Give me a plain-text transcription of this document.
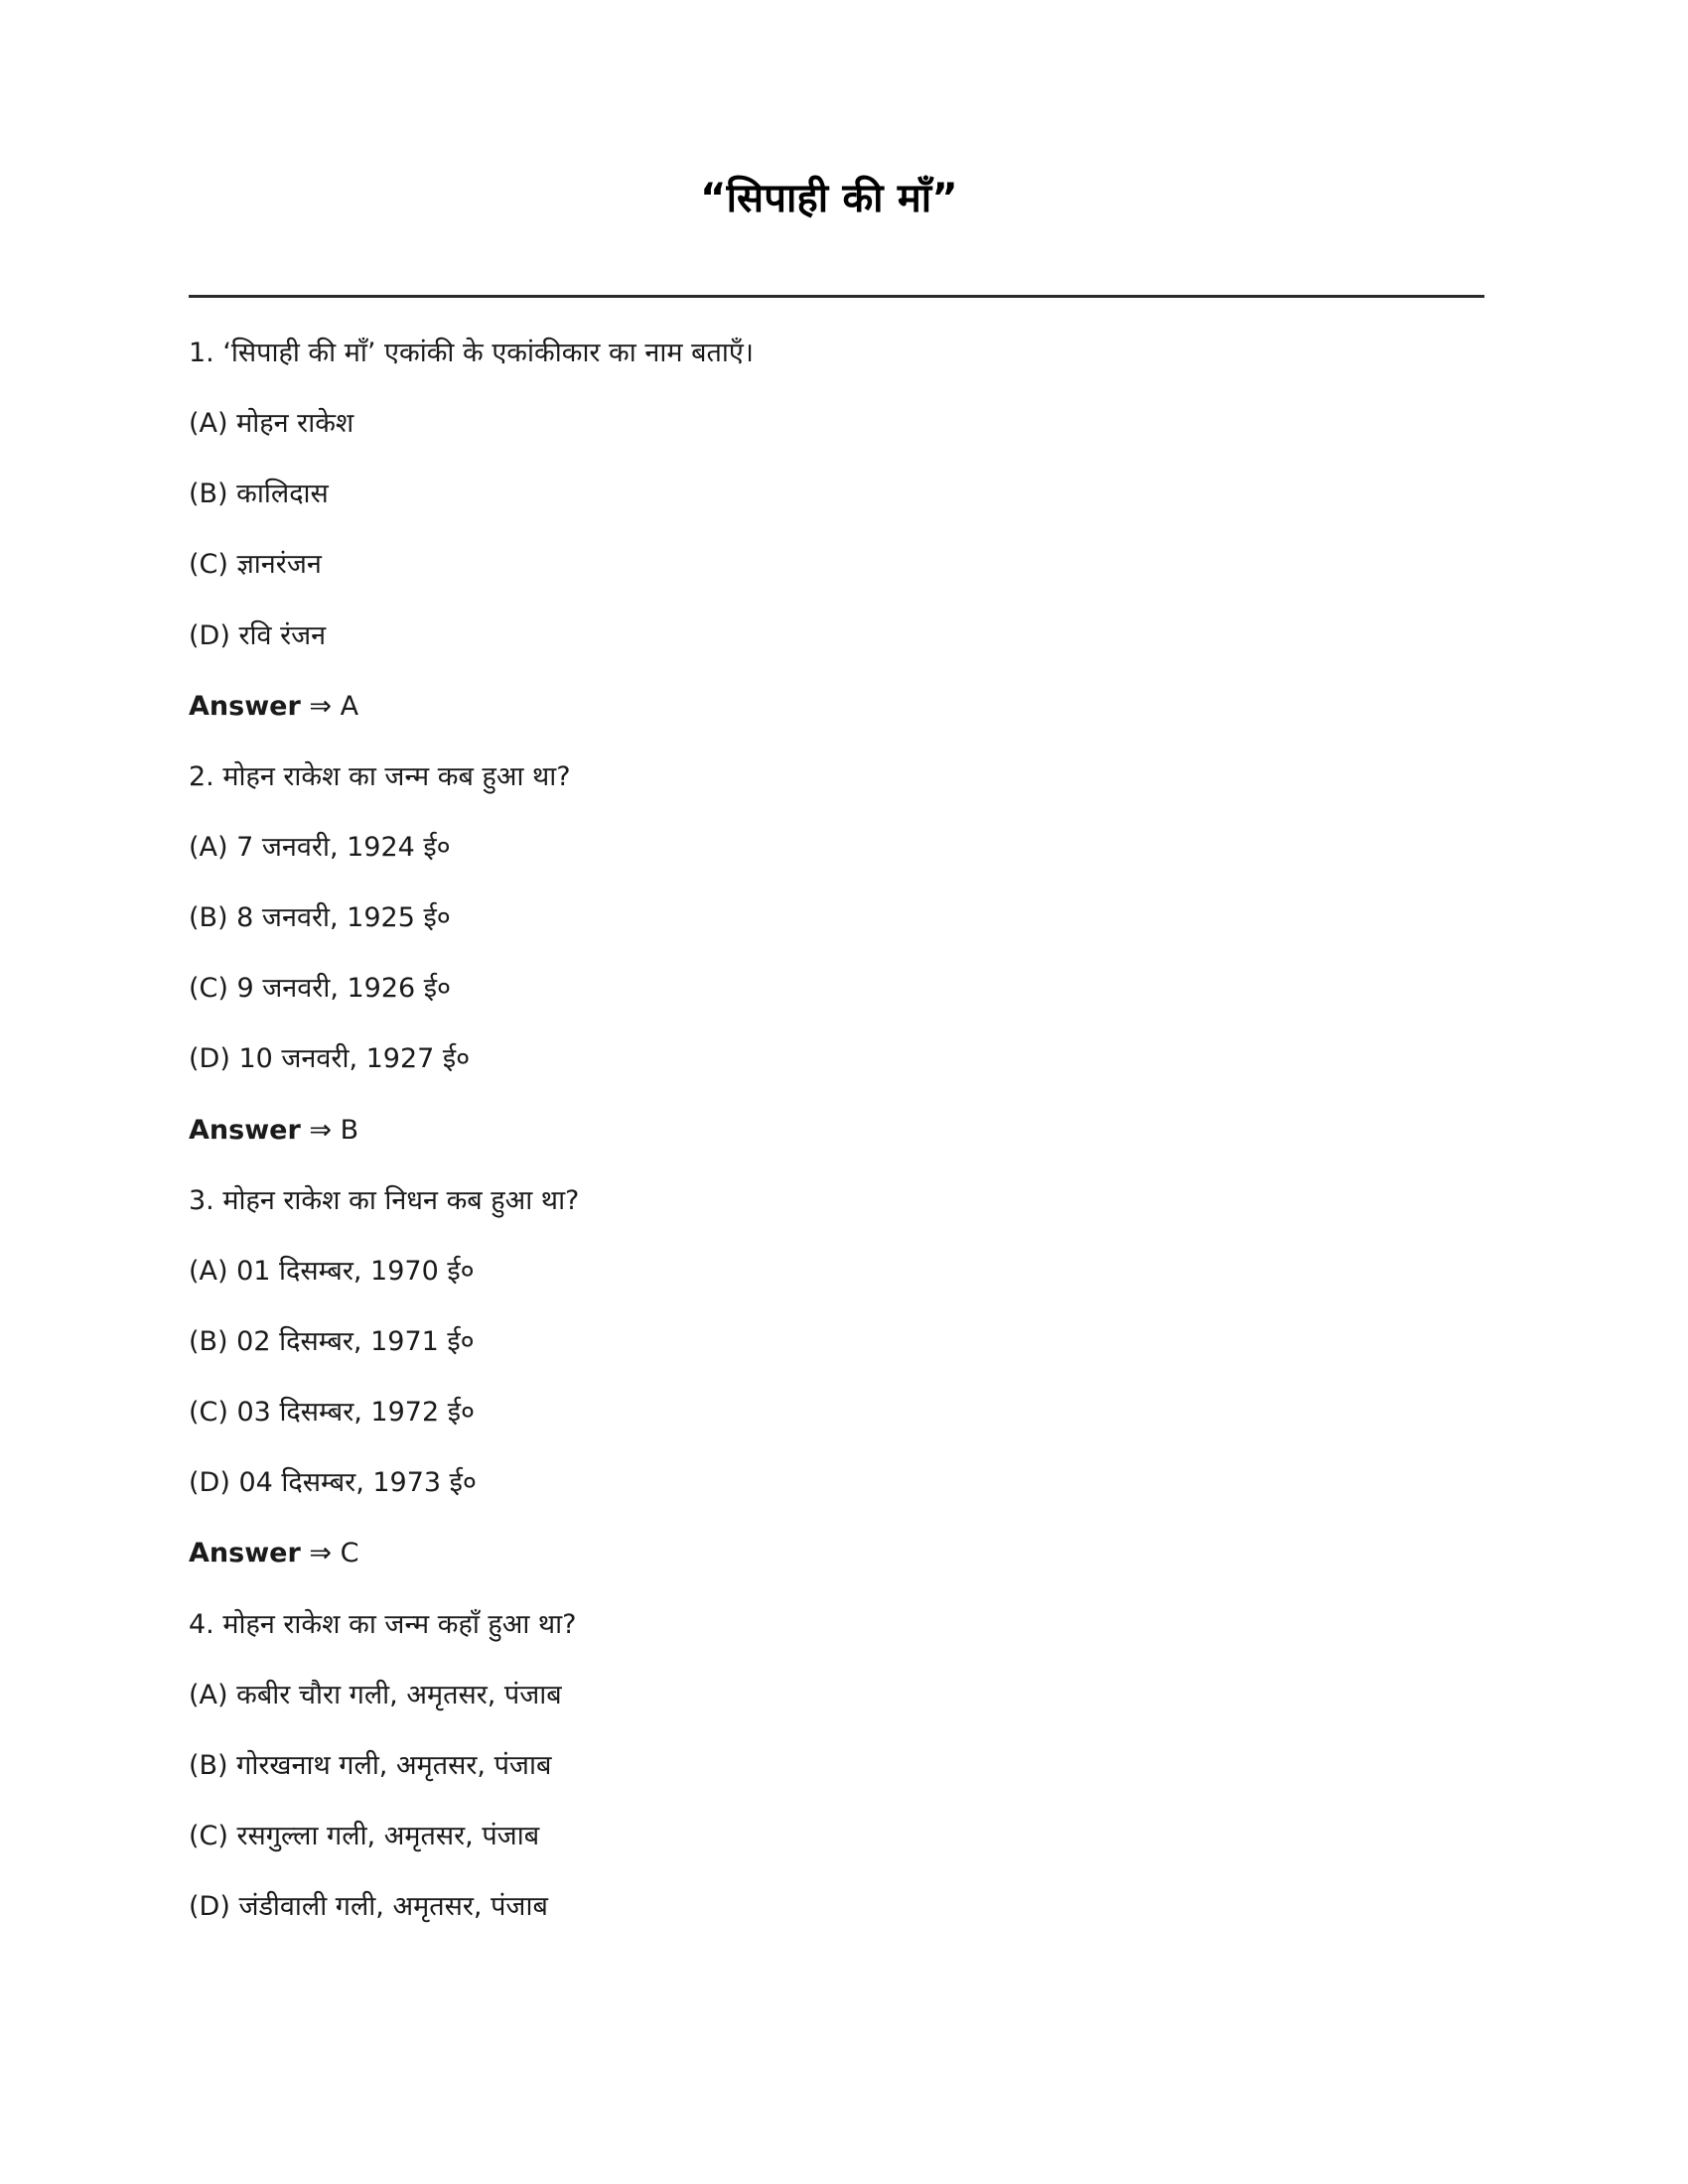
“सिपाही की माँ”

1. ‘सिपाही की माँ’ एकांकी के एकांकीकार का नाम बताएँ।

(A) मोहन राकेश

(B) कालिदास

(C) ज्ञानरंजन

(D) रवि रंजन

Answer ⇒ A

2. मोहन राकेश का जन्म कब हुआ था?

(A) 7 जनवरी, 1924 ई०

(B) 8 जनवरी, 1925 ई०

(C) 9 जनवरी, 1926 ई०

(D) 10 जनवरी, 1927 ई०

Answer ⇒ B

3. मोहन राकेश का निधन कब हुआ था?

(A) 01 दिसम्बर, 1970 ई०

(B) 02 दिसम्बर, 1971 ई०

(C) 03 दिसम्बर, 1972 ई०

(D) 04 दिसम्बर, 1973 ई०

Answer ⇒ C

4. मोहन राकेश का जन्म कहाँ हुआ था?

(A) कबीर चौरा गली, अमृतसर, पंजाब

(B) गोरखनाथ गली, अमृतसर, पंजाब

(C) रसगुल्ला गली, अमृतसर, पंजाब

(D) जंडीवाली गली, अमृतसर, पंजाब
